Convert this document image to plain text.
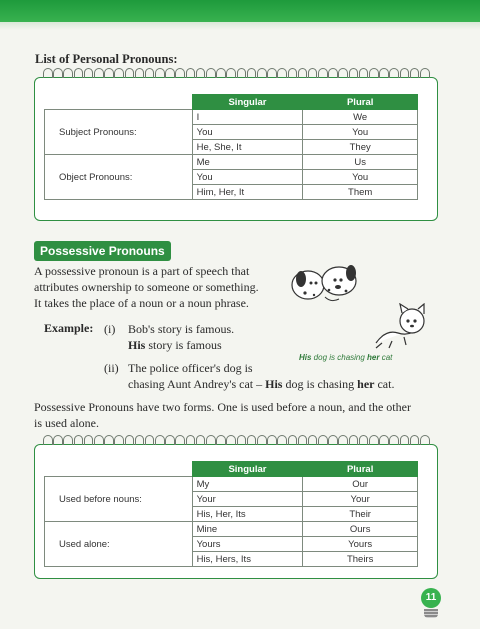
List of Personal Pronouns:
	Singular	Plural
Subject Pronouns:	I	We
	You	You
	He, She, It	They
Object Pronouns:	Me	Us
	You	You
	Him, Her, It	Them
Possessive Pronouns
A possessive pronoun is a part of speech that
attributes ownership to someone or something.
It takes the place of a noun or a noun phrase.
Example: (i) Bob's story is famous.
His story is famous
His dog is chasing her cat
(ii) The police officer's dog is
chasing Aunt Andrey's cat – His dog is chasing her cat.
Possessive Pronouns have two forms. One is used before a noun, and the other
is used alone.
	Singular	Plural
Used before nouns:	My	Our
	Your	Your
	His, Her, Its	Their
Used alone:	Mine	Ours
	Yours	Yours
	His, Hers, Its	Theirs
11
